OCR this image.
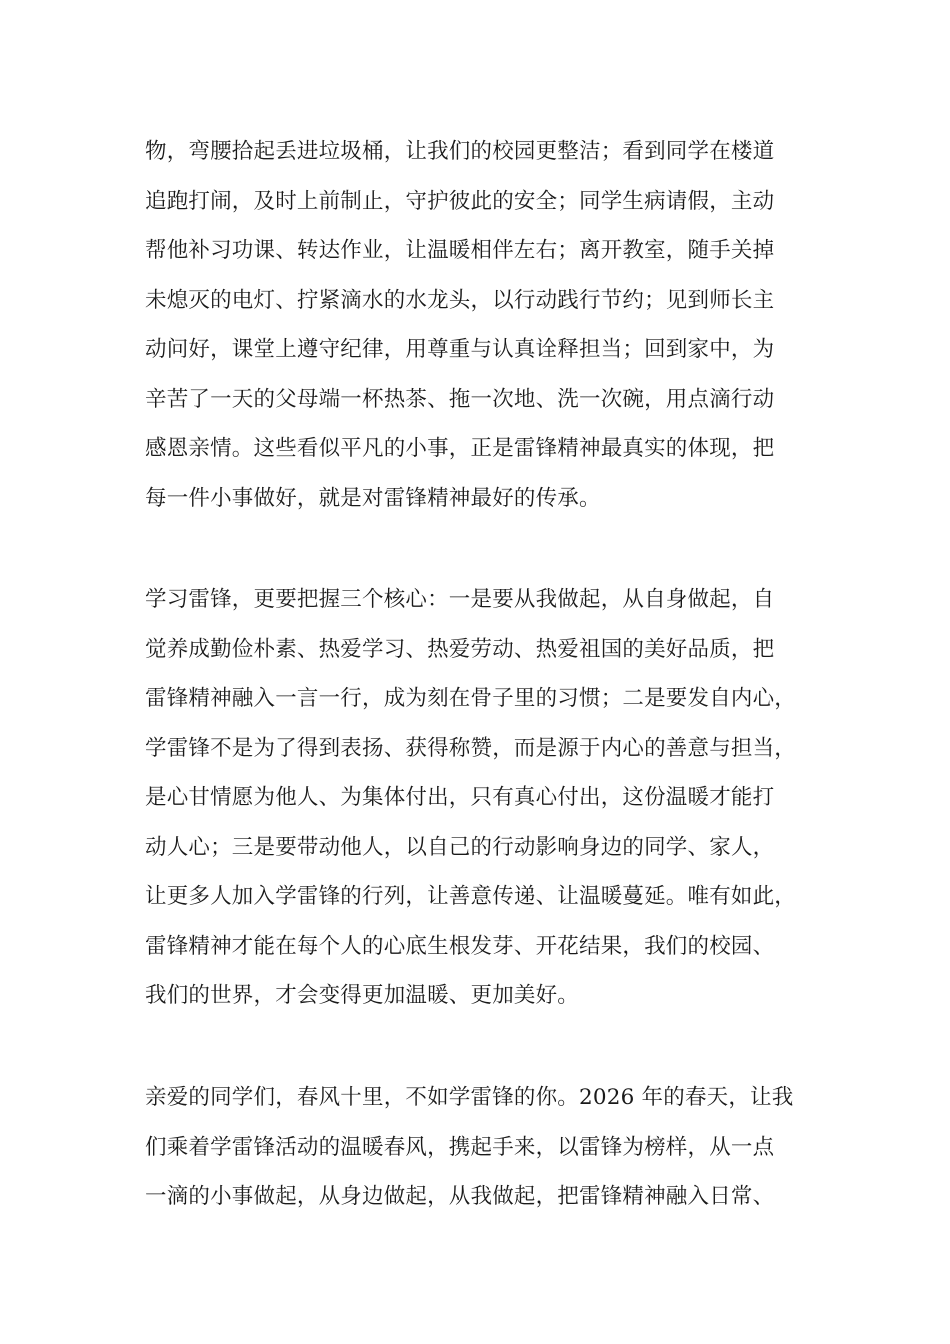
物，弯腰拾起丢进垃圾桶，让我们的校园更整洁；看到同学在楼道
追跑打闹，及时上前制止，守护彼此的安全；同学生病请假，主动
帮他补习功课、转达作业，让温暖相伴左右；离开教室，随手关掉
未熄灭的电灯、拧紧滴水的水龙头，以行动践行节约；见到师长主
动问好，课堂上遵守纪律，用尊重与认真诠释担当；回到家中，为
辛苦了一天的父母端一杯热茶、拖一次地、洗一次碗，用点滴行动
感恩亲情。这些看似平凡的小事，正是雷锋精神最真实的体现，把
每一件小事做好，就是对雷锋精神最好的传承。
学习雷锋，更要把握三个核心：一是要从我做起，从自身做起，自
觉养成勤俭朴素、热爱学习、热爱劳动、热爱祖国的美好品质，把
雷锋精神融入一言一行，成为刻在骨子里的习惯；二是要发自内心，
学雷锋不是为了得到表扬、获得称赞，而是源于内心的善意与担当，
是心甘情愿为他人、为集体付出，只有真心付出，这份温暖才能打
动人心；三是要带动他人，以自己的行动影响身边的同学、家人，
让更多人加入学雷锋的行列，让善意传递、让温暖蔓延。唯有如此，
雷锋精神才能在每个人的心底生根发芽、开花结果，我们的校园、
我们的世界，才会变得更加温暖、更加美好。
亲爱的同学们，春风十里，不如学雷锋的你。2026 年的春天，让我
们乘着学雷锋活动的温暖春风，携起手来，以雷锋为榜样，从一点
一滴的小事做起，从身边做起，从我做起，把雷锋精神融入日常、
